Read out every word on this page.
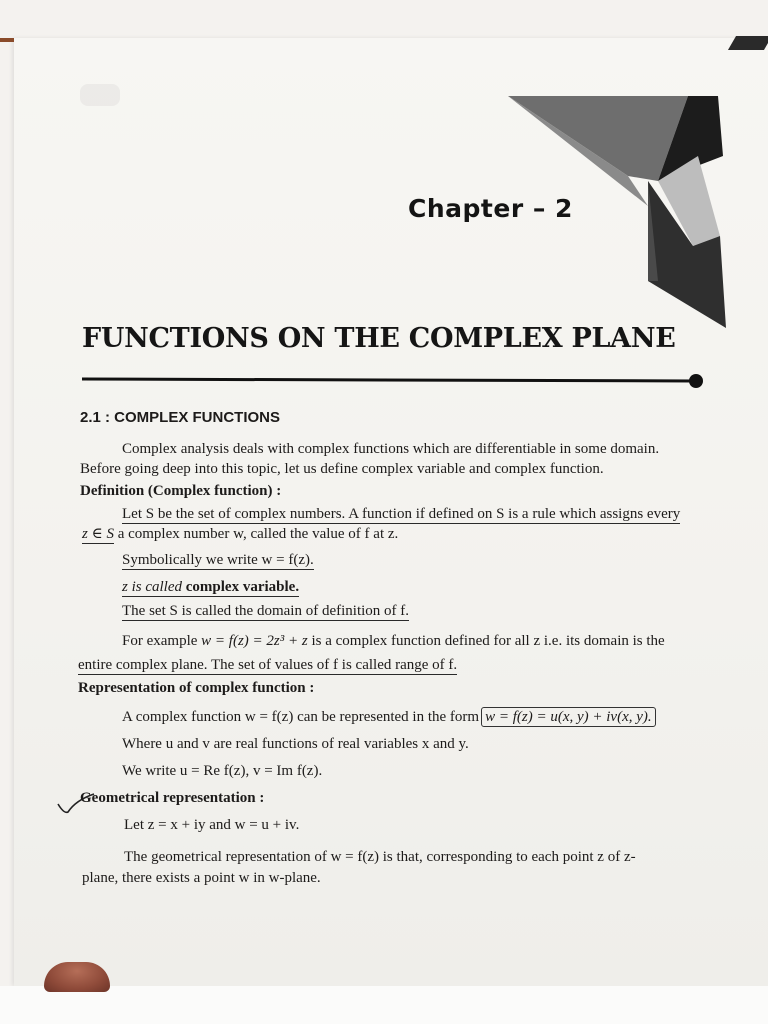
Chapter – 2
FUNCTIONS ON THE COMPLEX PLANE
2.1 : COMPLEX FUNCTIONS
Complex analysis deals with complex functions which are differentiable in some domain.
Before going deep into this topic, let us define complex variable and complex function.
Definition (Complex function) :
Let S be the set of complex numbers. A function if defined on S is a rule which assigns every
z ∈ S a complex number w, called the value of f at z.
Symbolically we write w = f(z).
z is called complex variable.
The set S is called the domain of definition of f.
For example w = f(z) = 2z³ + z is a complex function defined for all z i.e. its domain is the
entire complex plane. The set of values of f is called range of f.
Representation of complex function :
A complex function w = f(z) can be represented in the form w = f(z) = u(x, y) + iv(x, y).
Where u and v are real functions of real variables x and y.
We write u = Re f(z), v = Im f(z).
Geometrical representation :
Let z = x + iy and w = u + iv.
The geometrical representation of w = f(z) is that, corresponding to each point z of z-
plane, there exists a point w in w-plane.
